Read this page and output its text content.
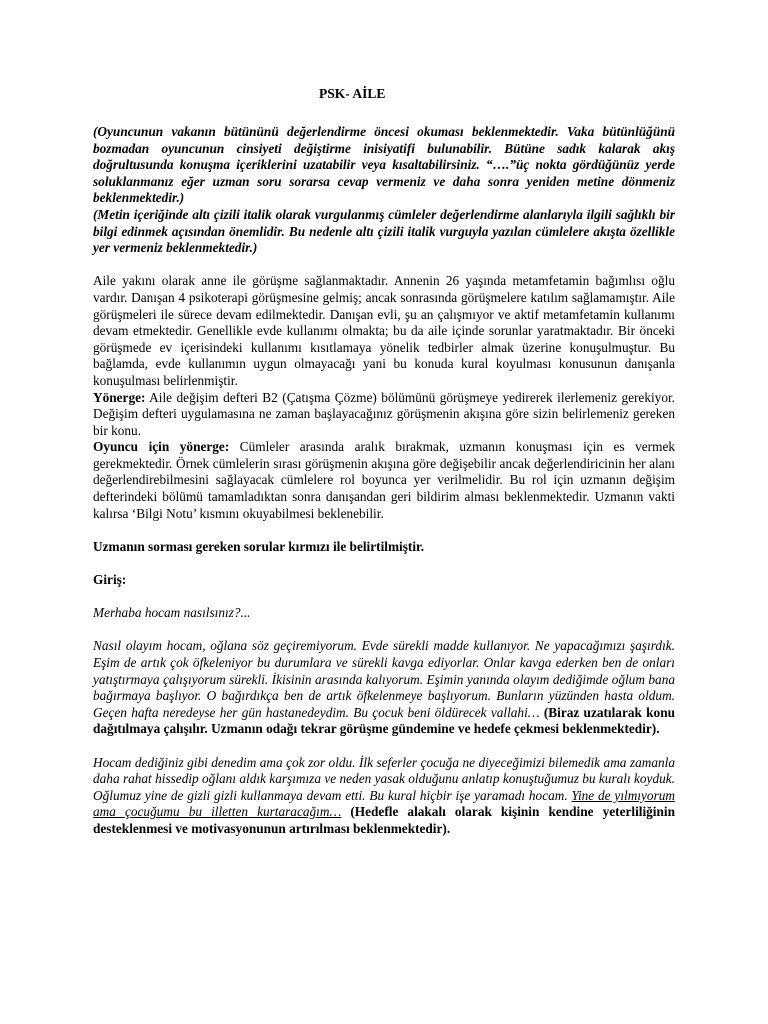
PSK- AİLE

(Oyuncunun vakanın bütününü değerlendirme öncesi okuması beklenmektedir. Vaka bütünlüğünü bozmadan oyuncunun cinsiyeti değiştirme inisiyatifi bulunabilir. Bütüne sadık kalarak akış doğrultusunda konuşma içeriklerini uzatabilir veya kısaltabilirsiniz. “….”üç nokta gördüğünüz yerde soluklanmanız eğer uzman soru sorarsa cevap vermeniz ve daha sonra yeniden metine dönmeniz beklenmektedir.)

(Metin içeriğinde altı çizili italik olarak vurgulanmış cümleler değerlendirme alanlarıyla ilgili sağlıklı bir bilgi edinmek açısından önemlidir. Bu nedenle altı çizili italik vurguyla yazılan cümlelere akışta özellikle yer vermeniz beklenmektedir.)

Aile yakını olarak anne ile görüşme sağlanmaktadır. Annenin 26 yaşında metamfetamin bağımlısı oğlu vardır. Danışan 4 psikoterapi görüşmesine gelmiş; ancak sonrasında görüşmelere katılım sağlamamıştır. Aile görüşmeleri ile sürece devam edilmektedir. Danışan evli, şu an çalışmıyor ve aktif metamfetamin kullanımı devam etmektedir. Genellikle evde kullanımı olmakta; bu da aile içinde sorunlar yaratmaktadır. Bir önceki görüşmede ev içerisindeki kullanımı kısıtlamaya yönelik tedbirler almak üzerine konuşulmuştur. Bu bağlamda, evde kullanımın uygun olmayacağı yani bu konuda kural koyulması konusunun danışanla konuşulması belirlenmiştir.

Yönerge: Aile değişim defteri B2 (Çatışma Çözme) bölümünü görüşmeye yedirerek ilerlemeniz gerekiyor. Değişim defteri uygulamasına ne zaman başlayacağınız görüşmenin akışına göre sizin belirlemeniz gereken bir konu.

Oyuncu için yönerge: Cümleler arasında aralık bırakmak, uzmanın konuşması için es vermek gerekmektedir. Örnek cümlelerin sırası görüşmenin akışına göre değişebilir ancak değerlendiricinin her alanı değerlendirebilmesini sağlayacak cümlelere rol boyunca yer verilmelidir. Bu rol için uzmanın değişim defterindeki bölümü tamamladıktan sonra danışandan geri bildirim alması beklenmektedir. Uzmanın vakti kalırsa ‘Bilgi Notu’ kısmını okuyabilmesi beklenebilir.

Uzmanın sorması gereken sorular kırmızı ile belirtilmiştir.

Giriş:

Merhaba hocam nasılsınız?...

Nasıl olayım hocam, oğlana söz geçiremiyorum. Evde sürekli madde kullanıyor. Ne yapacağımızı şaşırdık. Eşim de artık çok öfkeleniyor bu durumlara ve sürekli kavga ediyorlar. Onlar kavga ederken ben de onları yatıştırmaya çalışıyorum sürekli. İkisinin arasında kalıyorum. Eşimin yanında olayım dediğimde oğlum bana bağırmaya başlıyor. O bağırdıkça ben de artık öfkelenmeye başlıyorum. Bunların yüzünden hasta oldum. Geçen hafta neredeyse her gün hastanedeydim. Bu çocuk beni öldürecek vallahi… (Biraz uzatılarak konu dağıtılmaya çalışılır. Uzmanın odağı tekrar görüşme gündemine ve hedefe çekmesi beklenmektedir).

Hocam dediğiniz gibi denedim ama çok zor oldu. İlk seferler çocuğa ne diyeceğimizi bilemedik ama zamanla daha rahat hissedip oğlanı aldık karşımıza ve neden yasak olduğunu anlatıp konuştuğumuz bu kuralı koyduk. Oğlumuz yine de gizli gizli kullanmaya devam etti. Bu kural hiçbir işe yaramadı hocam. Yine de yılmıyorum ama çocuğumu bu illetten kurtaracağım… (Hedefle alakalı olarak kişinin kendine yeterliliğinin desteklenmesi ve motivasyonunun artırılması beklenmektedir).
